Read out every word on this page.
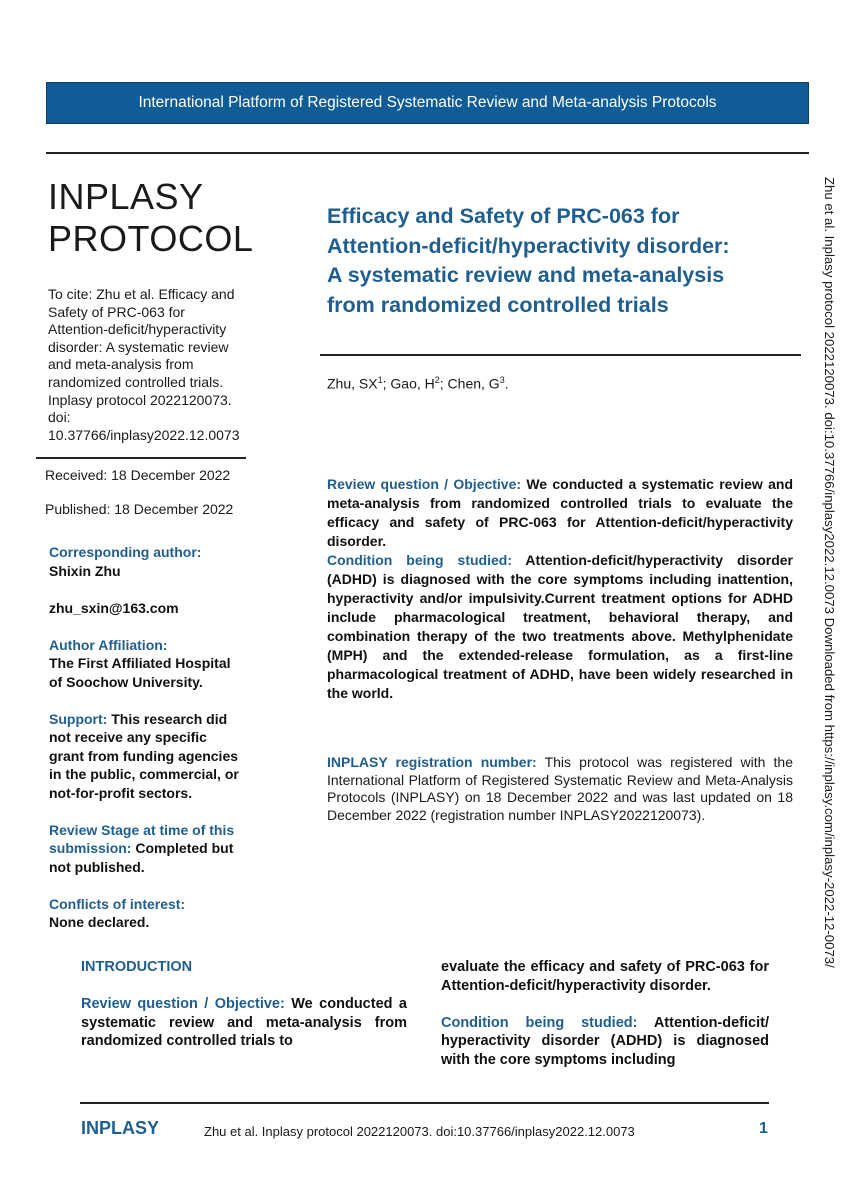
International Platform of Registered Systematic Review and Meta-analysis Protocols
INPLASY
PROTOCOL
To cite: Zhu et al. Efficacy and
Safety of PRC-063 for
Attention-deficit/hyperactivity
disorder: A systematic review
and meta-analysis from
randomized controlled trials.
Inplasy protocol 2022120073.
doi:
10.37766/inplasy2022.12.0073
Received: 18 December 2022
Published: 18 December 2022
Corresponding author:
Shixin Zhu
zhu_sxin@163.com
Author Affiliation:
The First Affiliated Hospital
of Soochow University.
Support: This research did
not receive any specific
grant from funding agencies
in the public, commercial, or
not-for-profit sectors.
Review Stage at time of this
submission: Completed but
not published.
Conflicts of interest:
None declared.
Efficacy and Safety of PRC-063 for
Attention-deficit/hyperactivity disorder:
A systematic review and meta-analysis
from randomized controlled trials
Zhu, $SX^1$; Gao, $H^2$; Chen, $G^3$.

Review question / Objective: We conducted a systematic review and meta-analysis from randomized controlled trials to evaluate the efficacy and safety of PRC-063 for Attention-deficit/hyperactivity disorder.

Condition being studied: Attention-deficit/hyperactivity disorder (ADHD) is diagnosed with the core symptoms including inattention, hyperactivity and/or impulsivity.Current treatment options for ADHD include pharmacological treatment, behavioral therapy, and combination therapy of the two treatments above. Methylphenidate (MPH) and the extended-release formulation, as a first-line pharmacological treatment of ADHD, have been widely researched in the world.

INPLASY registration number: This protocol was registered with the International Platform of Registered Systematic Review and Meta-Analysis Protocols (INPLASY) on 18 December 2022 and was last updated on 18 December 2022 (registration number INPLASY2022120073).

INTRODUCTION

Review question / Objective: We conducted a systematic review and meta-analysis from randomized controlled trials to

evaluate the efficacy and safety of PRC-063 for Attention-deficit/hyperactivity disorder.

Condition being studied: Attention-deficit/ hyperactivity disorder (ADHD) is diagnosed with the core symptoms including

INPLASY	Zhu et al. Inplasy protocol 2022120073. doi:10.37766/inplasy2022.12.0073	1
Zhu et al. Inplasy protocol 2022120073. doi:10.37766/inplasy2022.12.0073 Downloaded from https://inplasy.com/inplasy-2022-12-0073/
